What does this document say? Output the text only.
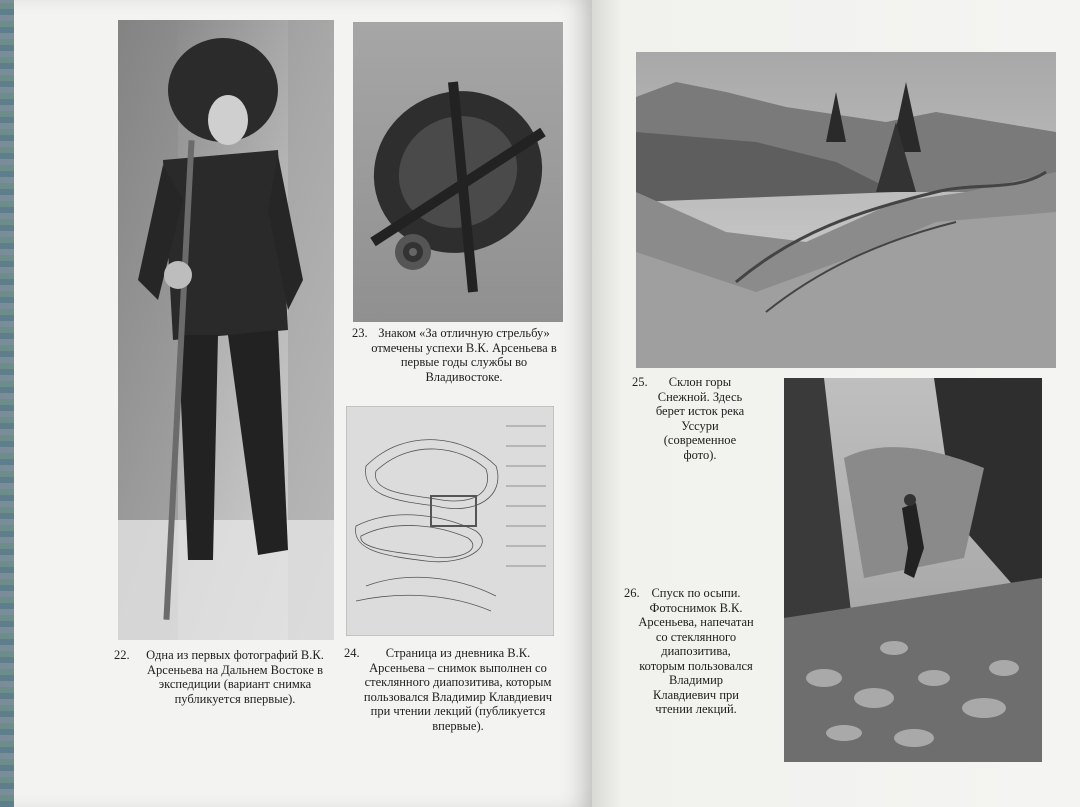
23. Знаком «За отличную стрельбу» отмечены успехи В.К. Арсеньева в первые годы службы во Владивостоке.
22.	Одна из первых фотографий В.К. Арсеньева на Дальнем Востоке в экспедиции (вариант снимка публикуется впервые).
24.	Страница из дневника В.К. Арсеньева – снимок выполнен со стеклянного диапозитива, которым пользовался Владимир Клавдиевич при чтении лекций (публикуется впервые).
25.	Склон горы Снежной. Здесь берет исток река Уссури (современное фото).
26. Спуск по осыпи. Фотоснимок В.К. Арсеньева, напечатан со стеклянного диапозитива, которым пользовался Владимир Клавдиевич при чтении лекций.
